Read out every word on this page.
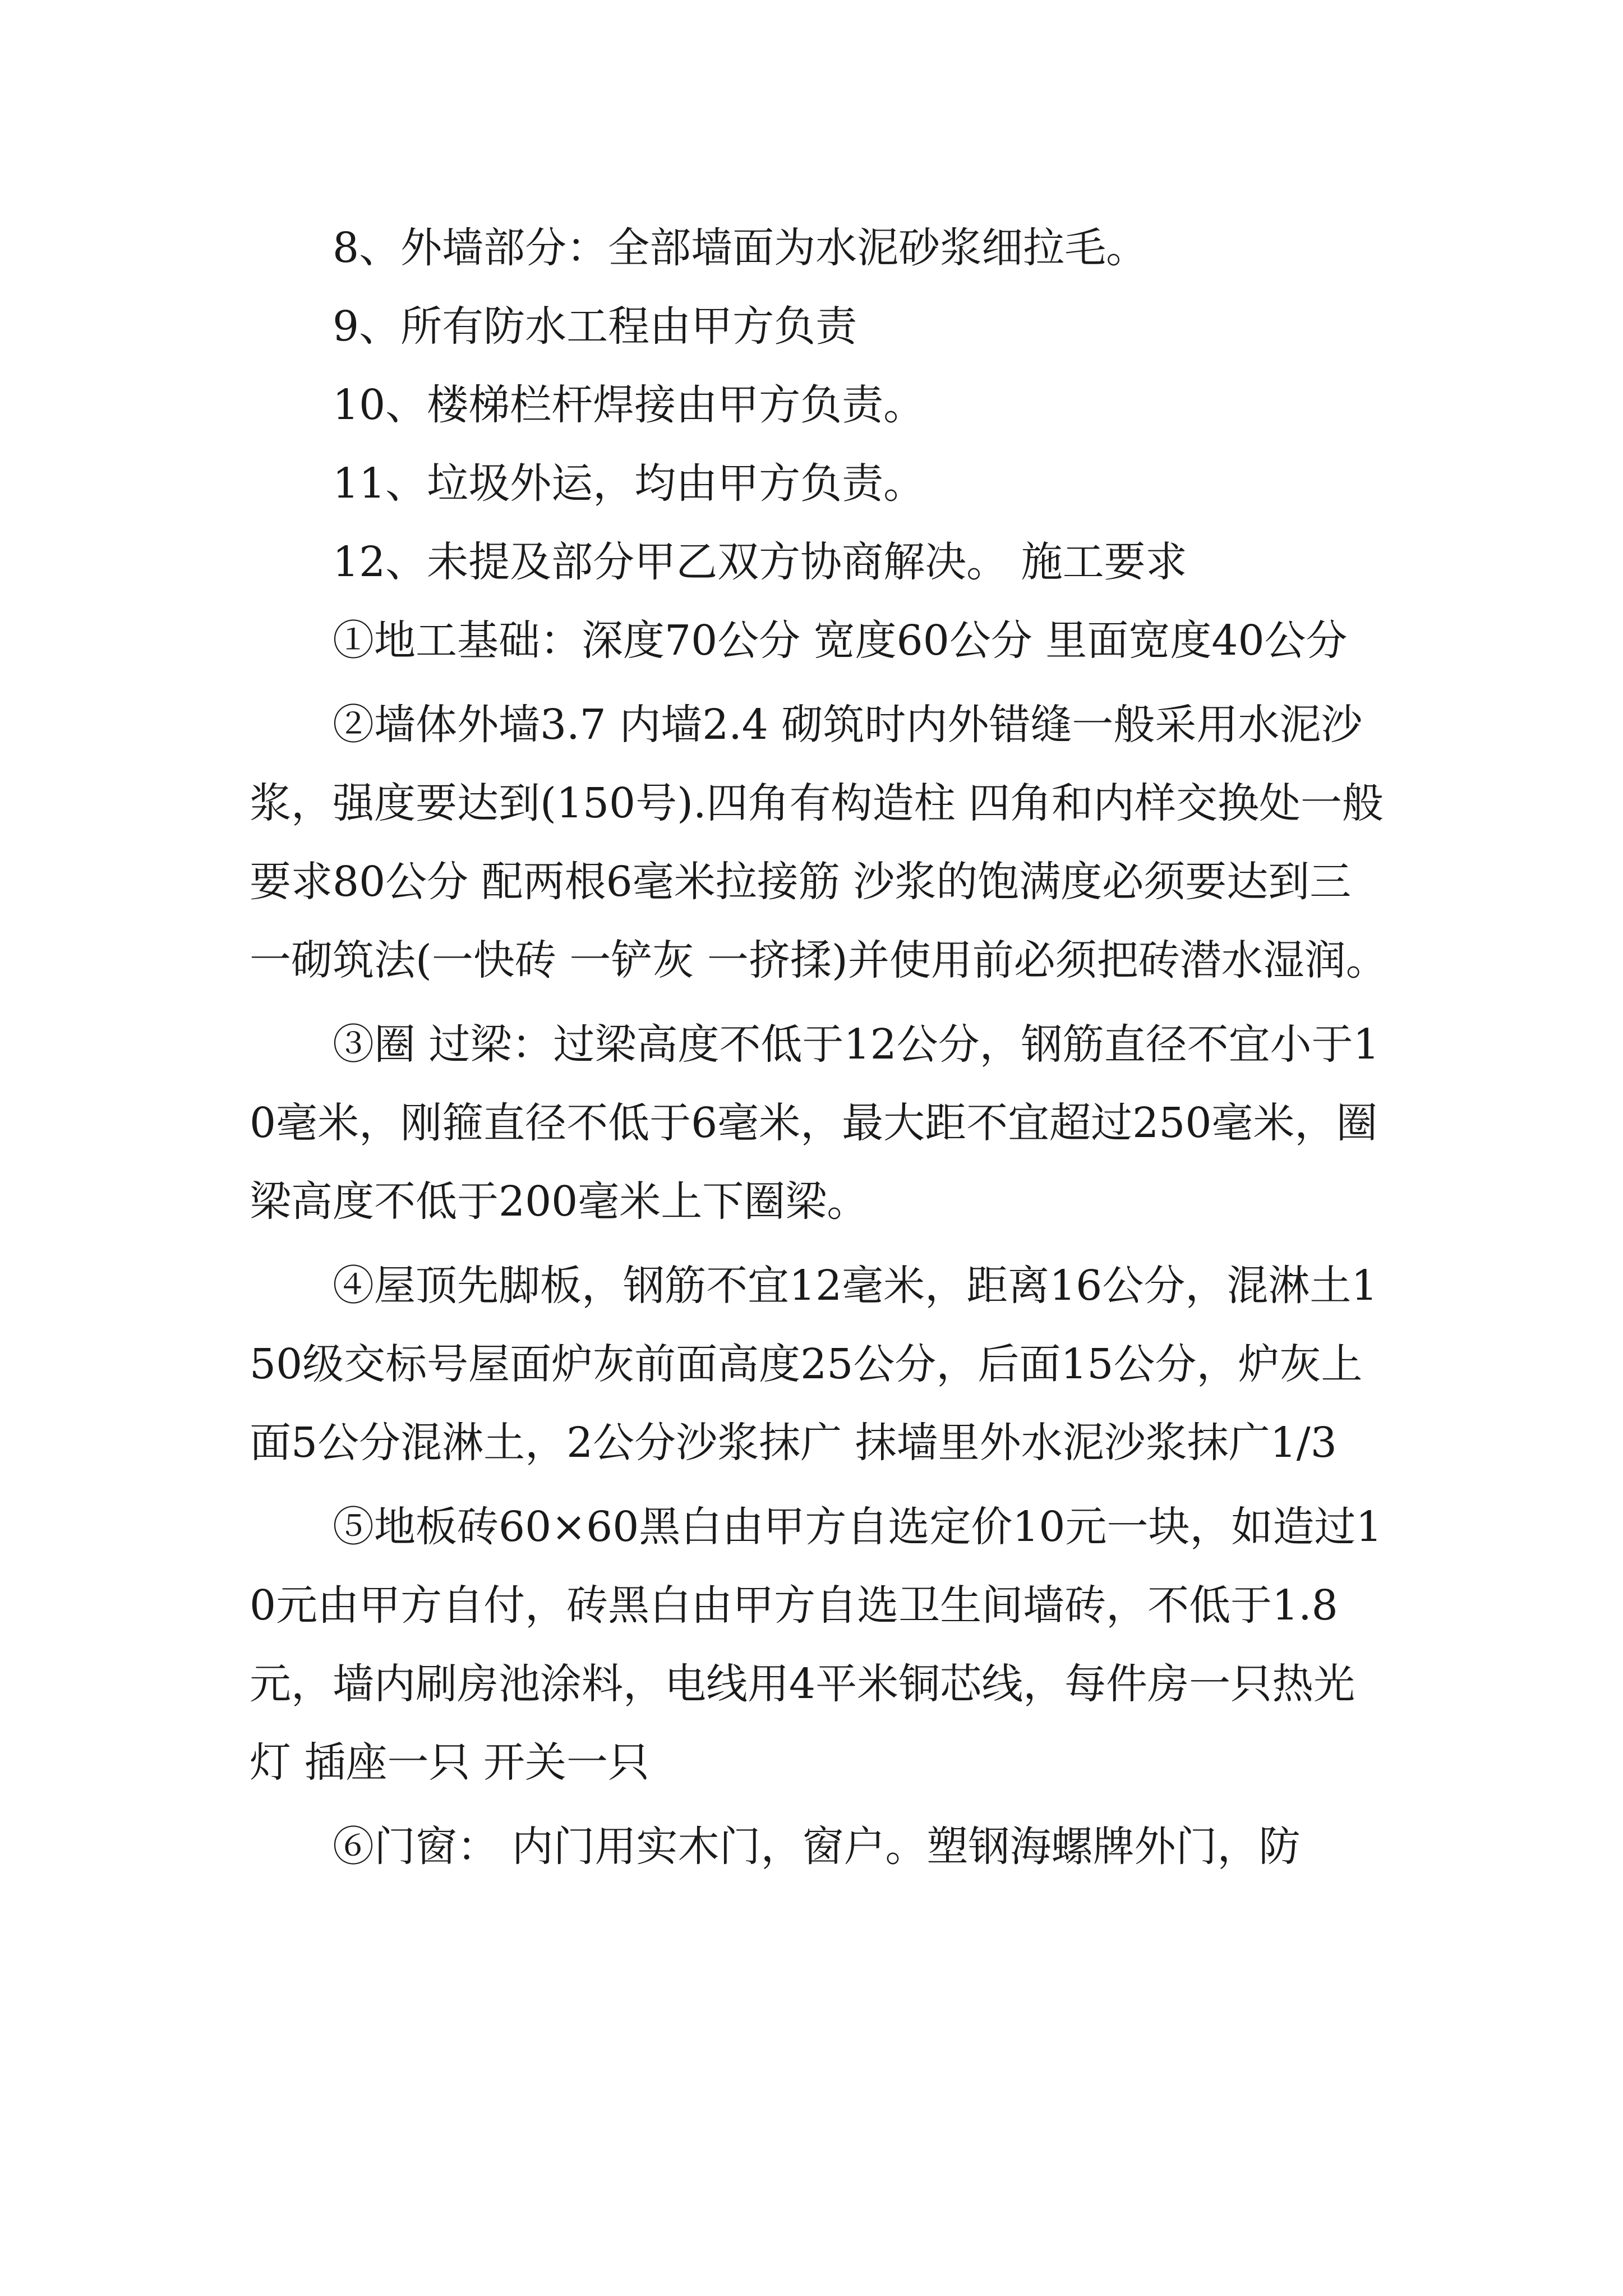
8、外墙部分：全部墙面为水泥砂浆细拉毛。

9、所有防水工程由甲方负责

10、楼梯栏杆焊接由甲方负责。

11、垃圾外运，均由甲方负责。

12、未提及部分甲乙双方协商解决。 施工要求

①地工基础：深度70公分 宽度60公分 里面宽度40公分

②墙体外墙3.7 内墙2.4 砌筑时内外错缝一般采用水泥沙浆，强度要达到(150号).四角有构造柱 四角和内样交换处一般要求80公分 配两根6毫米拉接筋 沙浆的饱满度必须要达到三一砌筑法(一快砖 一铲灰 一挤揉)并使用前必须把砖潜水湿润。

③圈 过梁：过梁高度不低于12公分，钢筋直径不宜小于10毫米，刚箍直径不低于6毫米，最大距不宜超过250毫米，圈梁高度不低于200毫米上下圈梁。

④屋顶先脚板，钢筋不宜12毫米，距离16公分，混淋土150级交标号屋面炉灰前面高度25公分，后面15公分，炉灰上面5公分混淋土，2公分沙浆抹广 抹墙里外水泥沙浆抹广1/3

⑤地板砖60×60黑白由甲方自选定价10元一块，如造过10元由甲方自付，砖黑白由甲方自选卫生间墙砖，不低于1.8元，墙内刷房池涂料，电线用4平米铜芯线，每件房一只热光灯 插座一只 开关一只

⑥门窗： 内门用实木门，窗户。塑钢海螺牌外门，防
